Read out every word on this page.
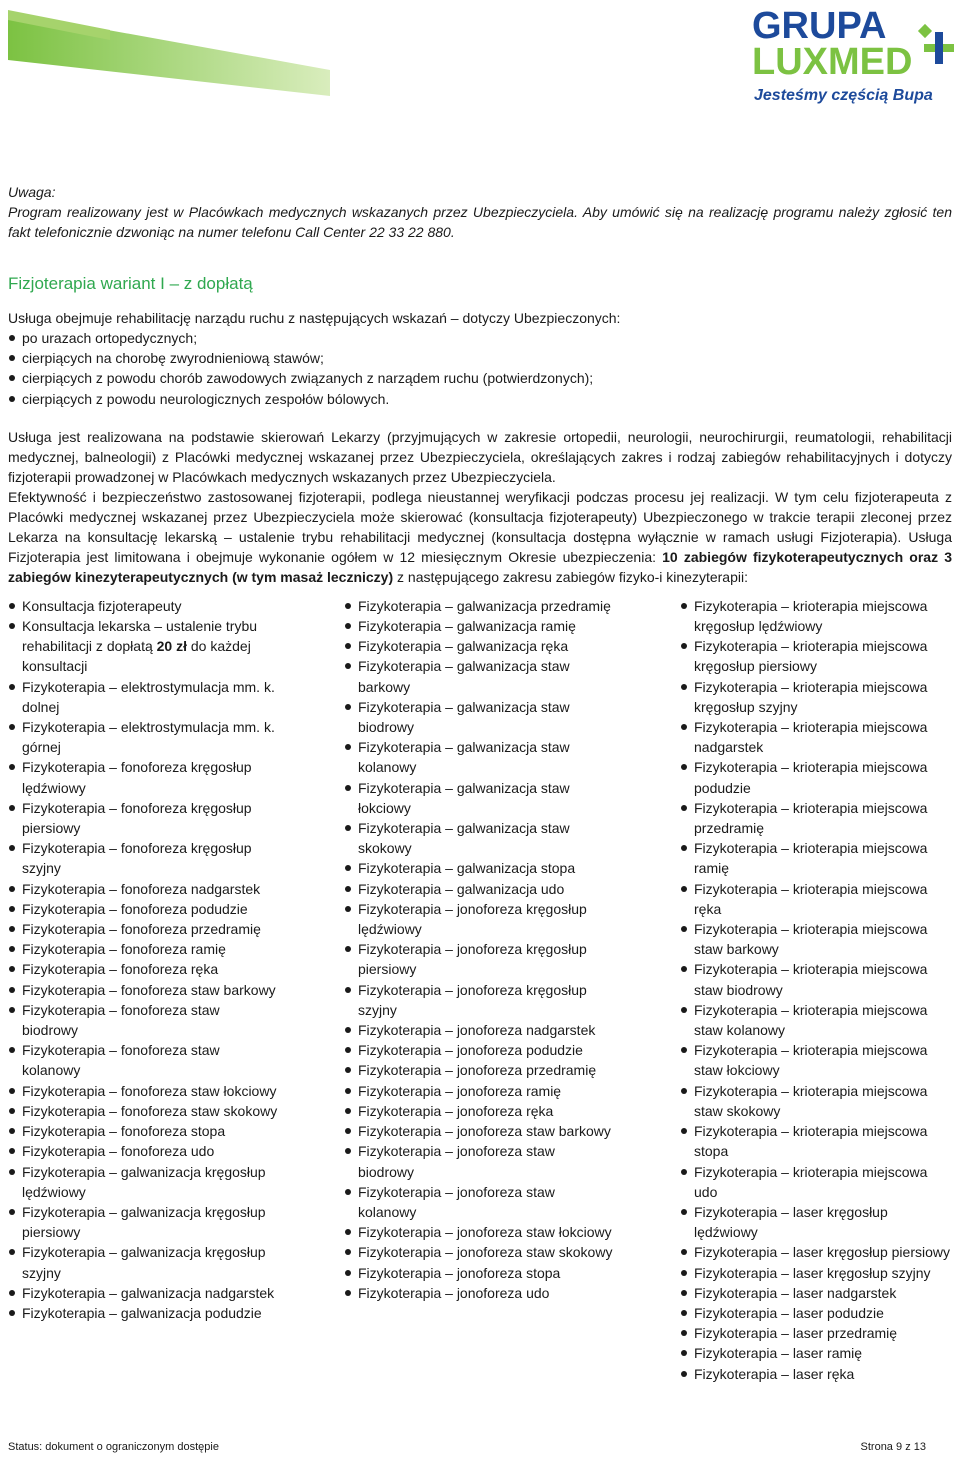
GRUPA
LUXMED
Jesteśmy częścią Bupa
Uwaga:
Program realizowany jest w Placówkach medycznych wskazanych przez Ubezpieczyciela. Aby umówić się na realizację programu należy zgłosić ten fakt telefonicznie dzwoniąc na numer telefonu Call Center 22 33 22 880.
Fizjoterapia wariant I – z dopłatą

Usługa obejmuje rehabilitację narządu ruchu z następujących wskazań – dotyczy Ubezpieczonych:

po urazach ortopedycznych;
cierpiących na chorobę zwyrodnieniową stawów;
cierpiących z powodu chorób zawodowych związanych z narządem ruchu (potwierdzonych);
cierpiących z powodu neurologicznych zespołów bólowych.

Usługa jest realizowana na podstawie skierowań Lekarzy (przyjmujących w zakresie ortopedii, neurologii, neurochirurgii, reumatologii, rehabilitacji medycznej, balneologii) z Placówki medycznej wskazanej przez Ubezpieczyciela, określających zakres i rodzaj zabiegów rehabilitacyjnych i dotyczy fizjoterapii prowadzonej w Placówkach medycznych wskazanych przez Ubezpieczyciela.

Efektywność i bezpieczeństwo zastosowanej fizjoterapii, podlega nieustannej weryfikacji podczas procesu jej realizacji. W tym celu fizjoterapeuta z Placówki medycznej wskazanej przez Ubezpieczyciela może skierować (konsultacja fizjoterapeuty) Ubezpieczonego w trakcie terapii zleconej przez Lekarza na konsultację lekarską – ustalenie trybu rehabilitacji medycznej (konsultacja dostępna wyłącznie w ramach usługi Fizjoterapia). Usługa Fizjoterapia jest limitowana i obejmuje wykonanie ogółem w 12 miesięcznym Okresie ubezpieczenia: 10 zabiegów fizykoterapeutycznych oraz 3 zabiegów kinezyterapeutycznych (w tym masaż leczniczy) z następującego zakresu zabiegów fizyko-i kinezyterapii:

Konsultacja fizjoterapeuty
Konsultacja lekarska – ustalenie trybu rehabilitacji z dopłatą 20 zł do każdej konsultacji
Fizykoterapia – elektrostymulacja mm. k. dolnej
Fizykoterapia – elektrostymulacja mm. k. górnej
Fizykoterapia – fonoforeza kręgosłup lędźwiowy
Fizykoterapia – fonoforeza kręgosłup piersiowy
Fizykoterapia – fonoforeza kręgosłup szyjny
Fizykoterapia – fonoforeza nadgarstek
Fizykoterapia – fonoforeza podudzie
Fizykoterapia – fonoforeza przedramię
Fizykoterapia – fonoforeza ramię
Fizykoterapia – fonoforeza ręka
Fizykoterapia – fonoforeza staw barkowy
Fizykoterapia – fonoforeza staw biodrowy
Fizykoterapia – fonoforeza staw kolanowy
Fizykoterapia – fonoforeza staw łokciowy
Fizykoterapia – fonoforeza staw skokowy
Fizykoterapia – fonoforeza stopa
Fizykoterapia – fonoforeza udo
Fizykoterapia – galwanizacja kręgosłup lędźwiowy
Fizykoterapia – galwanizacja kręgosłup piersiowy
Fizykoterapia – galwanizacja kręgosłup szyjny
Fizykoterapia – galwanizacja nadgarstek
Fizykoterapia – galwanizacja podudzie
Fizykoterapia – galwanizacja przedramię
Fizykoterapia – galwanizacja ramię
Fizykoterapia – galwanizacja ręka
Fizykoterapia – galwanizacja staw barkowy
Fizykoterapia – galwanizacja staw biodrowy
Fizykoterapia – galwanizacja staw kolanowy
Fizykoterapia – galwanizacja staw łokciowy
Fizykoterapia – galwanizacja staw skokowy
Fizykoterapia – galwanizacja stopa
Fizykoterapia – galwanizacja udo
Fizykoterapia – jonoforeza kręgosłup lędźwiowy
Fizykoterapia – jonoforeza kręgosłup piersiowy
Fizykoterapia – jonoforeza kręgosłup szyjny
Fizykoterapia – jonoforeza nadgarstek
Fizykoterapia – jonoforeza podudzie
Fizykoterapia – jonoforeza przedramię
Fizykoterapia – jonoforeza ramię
Fizykoterapia – jonoforeza ręka
Fizykoterapia – jonoforeza staw barkowy
Fizykoterapia – jonoforeza staw biodrowy
Fizykoterapia – jonoforeza staw kolanowy
Fizykoterapia – jonoforeza staw łokciowy
Fizykoterapia – jonoforeza staw skokowy
Fizykoterapia – jonoforeza stopa
Fizykoterapia – jonoforeza udo
Fizykoterapia – krioterapia miejscowa kręgosłup lędźwiowy
Fizykoterapia – krioterapia miejscowa kręgosłup piersiowy
Fizykoterapia – krioterapia miejscowa kręgosłup szyjny
Fizykoterapia – krioterapia miejscowa nadgarstek
Fizykoterapia – krioterapia miejscowa podudzie
Fizykoterapia – krioterapia miejscowa przedramię
Fizykoterapia – krioterapia miejscowa ramię
Fizykoterapia – krioterapia miejscowa ręka
Fizykoterapia – krioterapia miejscowa staw barkowy
Fizykoterapia – krioterapia miejscowa staw biodrowy
Fizykoterapia – krioterapia miejscowa staw kolanowy
Fizykoterapia – krioterapia miejscowa staw łokciowy
Fizykoterapia – krioterapia miejscowa staw skokowy
Fizykoterapia – krioterapia miejscowa stopa
Fizykoterapia – krioterapia miejscowa udo
Fizykoterapia – laser kręgosłup lędźwiowy
Fizykoterapia – laser kręgosłup piersiowy
Fizykoterapia – laser kręgosłup szyjny
Fizykoterapia – laser nadgarstek
Fizykoterapia – laser podudzie
Fizykoterapia – laser przedramię
Fizykoterapia – laser ramię
Fizykoterapia – laser ręka
Status: dokument o ograniczonym dostępie	Strona 9 z 13
